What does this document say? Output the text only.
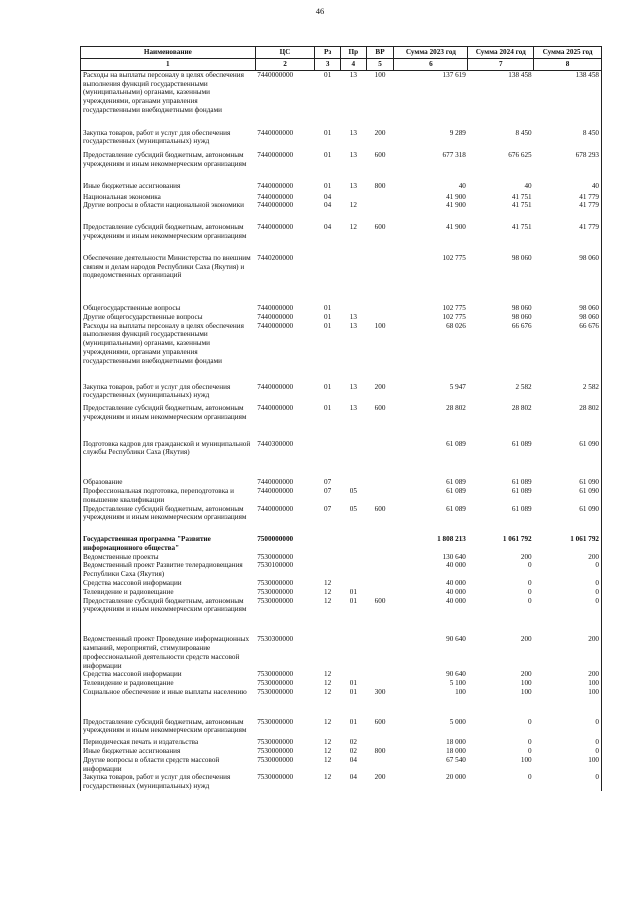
46
Наименование	ЦС	Рз	Пр	ВР	Сумма 2023 год	Сумма 2024 год	Сумма 2025 год
1	2	3	4	5	6	7	8
Расходы на выплаты персоналу в целях обеспечения выполнения функций государственными (муниципальными) органами, казенными учреждениями, органами управления государственными внебюджетными фондами	7440000000	01	13	100	137 619	138 458	138 458
Закупка товаров, работ и услуг для обеспечения государственных (муниципальных) нужд	7440000000	01	13	200	9 289	8 450	8 450
Предоставление субсидий бюджетным, автономным учреждениям и иным некоммерческим организациям	7440000000	01	13	600	677 318	676 625	678 293
Иные бюджетные ассигнования	7440000000	01	13	800	40	40	40
Национальная экономика	7440000000	04			41 900	41 751	41 779
Другие вопросы в области национальной экономики	7440000000	04	12		41 900	41 751	41 779
Предоставление субсидий бюджетным, автономным учреждениям и иным некоммерческим организациям	7440000000	04	12	600	41 900	41 751	41 779
Обеспечение деятельности Министерства по внешним связям и делам народов Республики Саха (Якутия) и подведомственных организаций	7440200000				102 775	98 060	98 060
Общегосударственные вопросы	7440000000	01			102 775	98 060	98 060
Другие общегосударственные вопросы	7440000000	01	13		102 775	98 060	98 060
Расходы на выплаты персоналу в целях обеспечения выполнения функций государственными (муниципальными) органами, казенными учреждениями, органами управления государственными внебюджетными фондами	7440000000	01	13	100	68 026	66 676	66 676
Закупка товаров, работ и услуг для обеспечения государственных (муниципальных) нужд	7440000000	01	13	200	5 947	2 582	2 582
Предоставление субсидий бюджетным, автономным учреждениям и иным некоммерческим организациям	7440000000	01	13	600	28 802	28 802	28 802
Подготовка кадров для гражданской и муниципальной службы Республики Саха (Якутия)	7440300000				61 089	61 089	61 090
Образование	7440000000	07			61 089	61 089	61 090
Профессиональная подготовка, переподготовка и повышение квалификации	7440000000	07	05		61 089	61 089	61 090
Предоставление субсидий бюджетным, автономным учреждениям и иным некоммерческим организациям	7440000000	07	05	600	61 089	61 089	61 090
Государственная программа "Развитие информационного общества"	7500000000				1 808 213	1 061 792	1 061 792
Ведомственные проекты	7530000000				130 640	200	200
Ведомственный проект Развитие телерадиовещания Республики Саха (Якутия)	7530100000				40 000	0	0
Средства массовой информации	7530000000	12			40 000	0	0
Телевидение и радиовещание	7530000000	12	01		40 000	0	0
Предоставление субсидий бюджетным, автономным учреждениям и иным некоммерческим организациям	7530000000	12	01	600	40 000	0	0
Ведомственный проект Проведение информационных кампаний, мероприятий, стимулирование профессиональной деятельности средств массовой информации	7530300000				90 640	200	200
Средства массовой информации	7530000000	12			90 640	200	200
Телевидение и радиовещание	7530000000	12	01		5 100	100	100
Социальное обеспечение и иные выплаты населению	7530000000	12	01	300	100	100	100
Предоставление субсидий бюджетным, автономным учреждениям и иным некоммерческим организациям	7530000000	12	01	600	5 000	0	0
Периодическая печать и издательства	7530000000	12	02		18 000	0	0
Иные бюджетные ассигнования	7530000000	12	02	800	18 000	0	0
Другие вопросы в области средств массовой информации	7530000000	12	04		67 540	100	100
Закупка товаров, работ и услуг для обеспечения государственных (муниципальных) нужд	7530000000	12	04	200	20 000	0	0
